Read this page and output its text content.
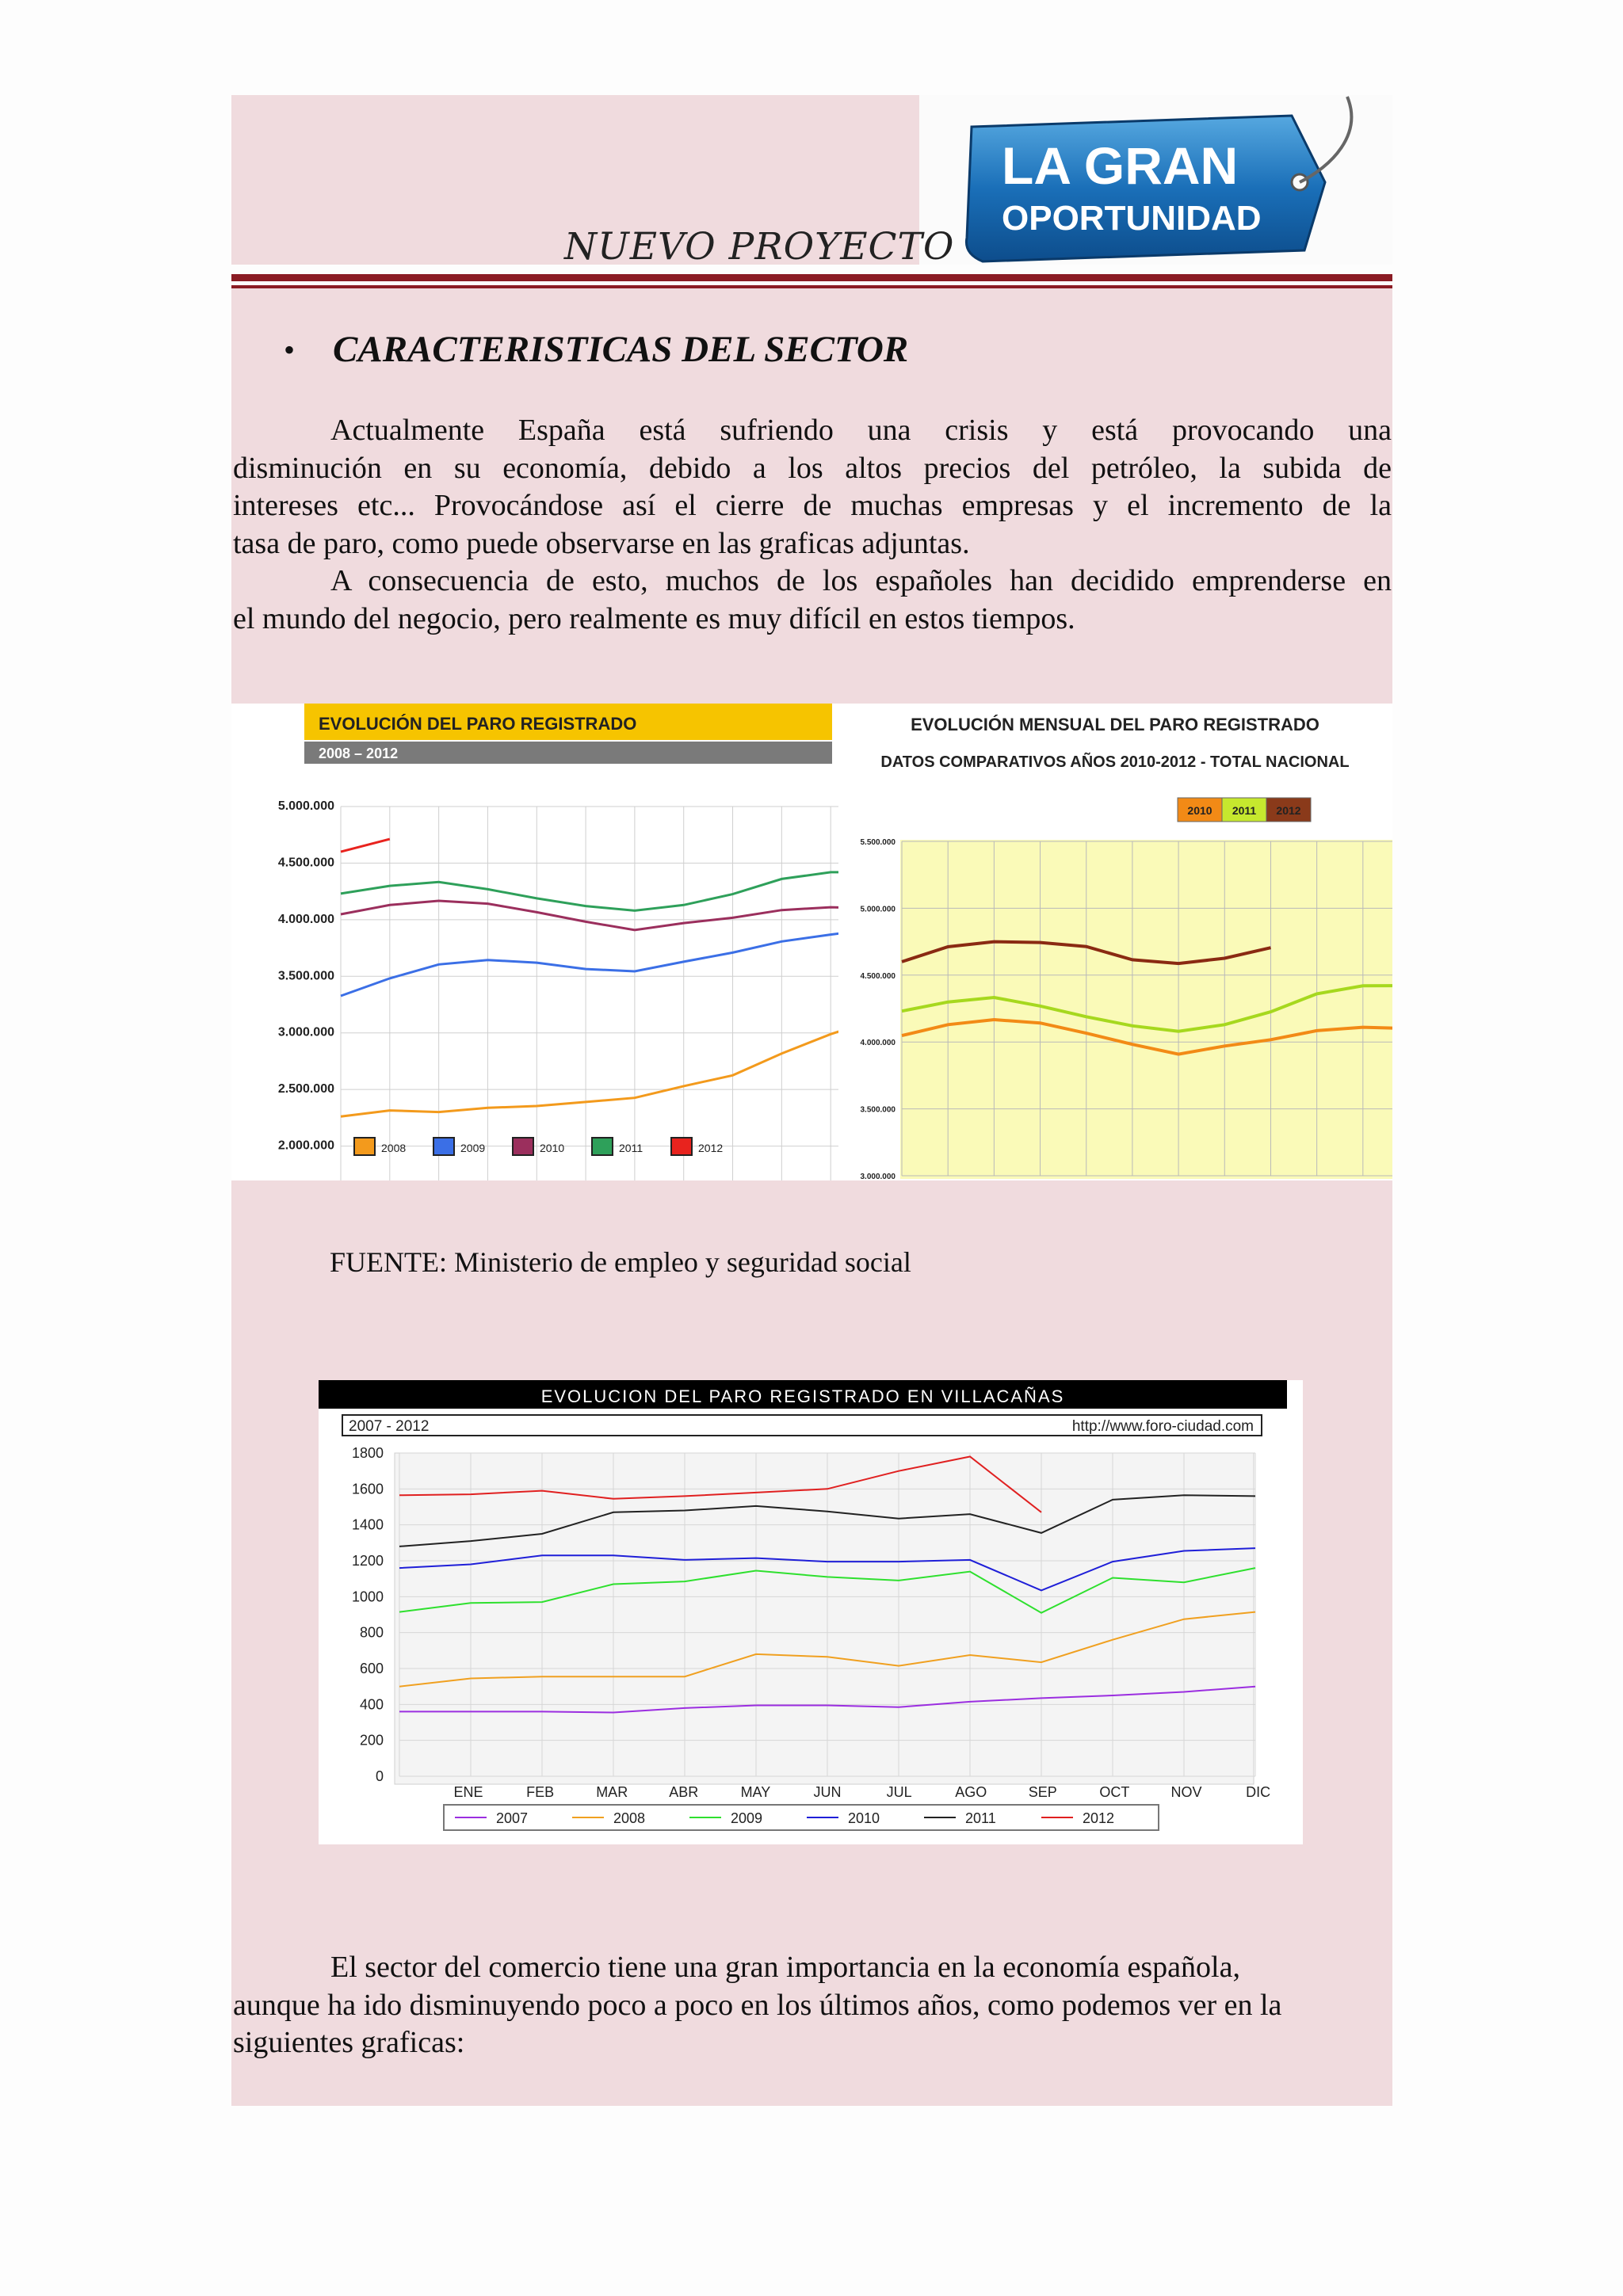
LA GRAN
OPORTUNIDAD
NUEVO PROYECTO
• CARACTERISTICAS DEL SECTOR
Actualmente España está sufriendo una crisis y está provocando una
disminución en su economía, debido a los altos precios del petróleo, la subida de
intereses etc... Provocándose así el cierre de muchas empresas y el incremento de la
tasa de paro, como puede observarse en las graficas adjuntas.
A consecuencia de esto, muchos de los españoles han decidido emprenderse en
el mundo del negocio, pero realmente es muy difícil en estos tiempos.
EVOLUCIÓN DEL PARO REGISTRADO
2008 – 2012
5.000.000
4.500.000
4.000.000
3.500.000
3.000.000
2.500.000
2.000.000	2008	2009	2010	2011	2012
EVOLUCIÓN MENSUAL DEL PARO REGISTRADO
DATOS COMPARATIVOS AÑOS 2010-2012 - TOTAL NACIONAL
2010 2011 2012
5.500.000
5.000.000
4.500.000
4.000.000
3.500.000
3.000.000
FUENTE: Ministerio de empleo y seguridad social
EVOLUCION DEL PARO REGISTRADO EN VILLACAÑAS
2007 - 2012	http://www.foro-ciudad.com
1800
1600
1400
1200
1000
800
600
400
200
0
ENE	FEB	MAR	ABR	MAY	JUN	JUL	AGO	SEP	OCT	NOV	DIC
2007	2008	2009	2010	2011	2012
El sector del comercio tiene una gran importancia en la economía española,
aunque ha ido disminuyendo poco a poco en los últimos años, como podemos ver en la
siguientes graficas:
